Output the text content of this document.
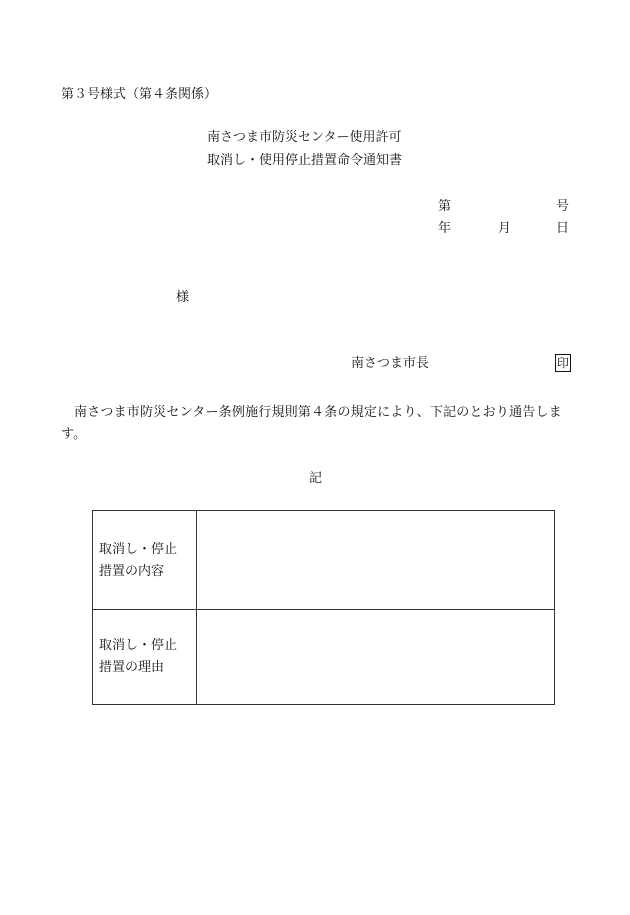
第３号様式（第４条関係）
南さつま市防災センター使用許可
取消し・使用停止措置命令通知書
第	号
年	月	日
様
南さつま市長	印
南さつま市防災センター条例施行規則第４条の規定により、下記のとおり通告します。
記
取消し・停止
措置の内容
取消し・停止
措置の理由
